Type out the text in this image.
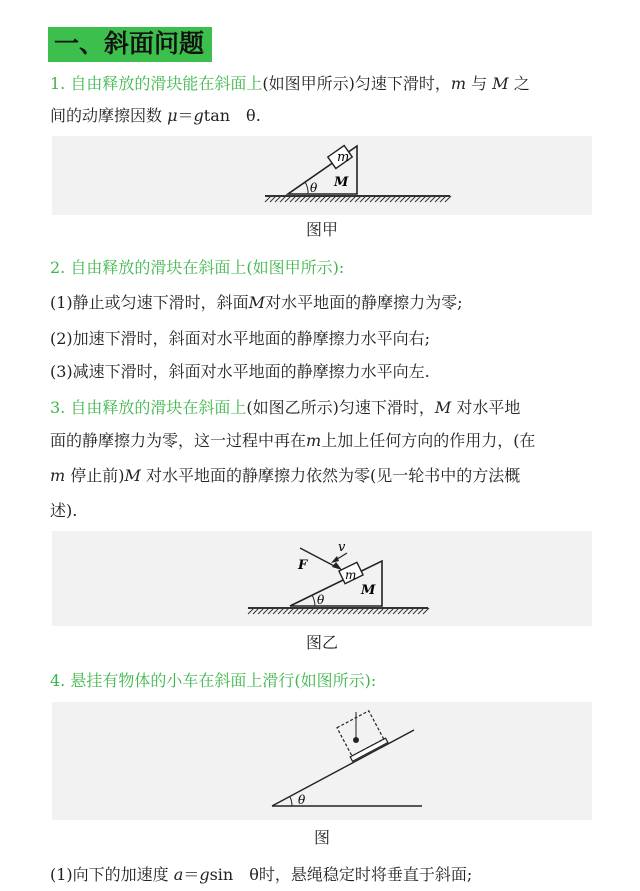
一、斜面问题
1. 自由释放的滑块能在斜面上(如图甲所示)匀速下滑时，m 与 M 之
间的动摩擦因数 μ＝gtan　θ.
m
M
θ
图甲
2. 自由释放的滑块在斜面上(如图甲所示):
(1)静止或匀速下滑时，斜面M对水平地面的静摩擦力为零;
(2)加速下滑时，斜面对水平地面的静摩擦力水平向右;
(3)减速下滑时，斜面对水平地面的静摩擦力水平向左.
3. 自由释放的滑块在斜面上(如图乙所示)匀速下滑时，M 对水平地
面的静摩擦力为零，这一过程中再在m上加上任何方向的作用力，(在
m 停止前)M 对水平地面的静摩擦力依然为零(见一轮书中的方法概
述).
F
v
m
M
θ
图乙
4. 悬挂有物体的小车在斜面上滑行(如图所示):
θ
图
(1)向下的加速度 a＝gsin　θ时，悬绳稳定时将垂直于斜面;
